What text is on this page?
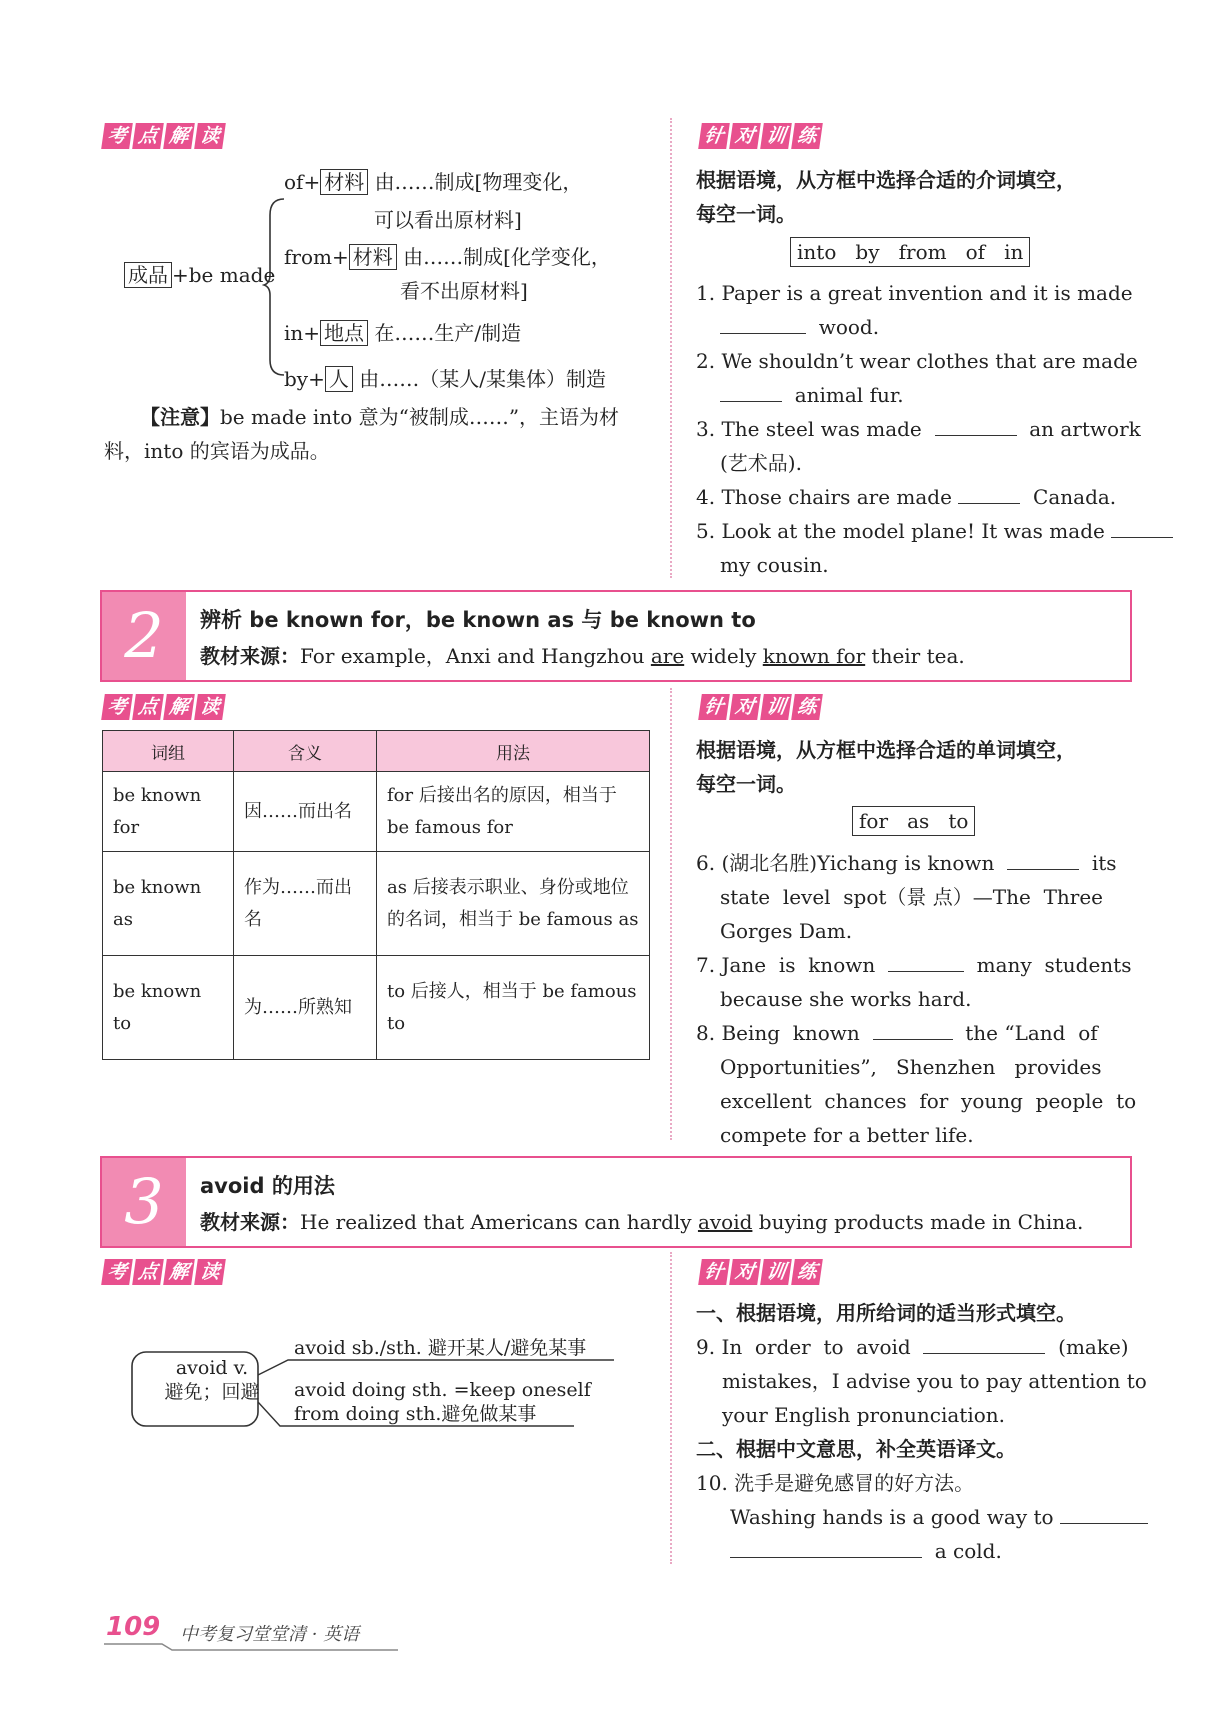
考 点 解 读
of+ 材料 由……制成[物理变化，
可以看出原材料]
from+ 材料 由……制成[化学变化，
看不出原材料]
in+ 地点 在……生产/制造
by+ 人 由……（某人/某集体）制造
成品 +be made
【注意】be made into 意为“被制成……”，主语为材
料，into 的宾语为成品。
针 对 训 练
根据语境，从方框中选择合适的介词填空，
每空一词。
into   by   from   of   in
1. Paper is a great invention and it is made
wood.
2. We shouldn’t wear clothes that are made
animal fur.
3. The steel was made	an artwork
(艺术品).
4. Those chairs are made	Canada.
5. Look at the model plane! It was made
my cousin.
2	辨析 be known for，be known as 与 be known to
教材来源：For example，Anxi and Hangzhou are widely known for their tea.
考 点 解 读
词组	含义	用法
be known for	因……而出名	for 后接出名的原因，相当于 be famous for
be known as	作为……而出名	as 后接表示职业、身份或地位的名词，相当于 be famous as
be known to	为……所熟知	to 后接人，相当于 be famous to
针 对 训 练
根据语境，从方框中选择合适的单词填空，
每空一词。
for   as   to
6. (湖北名胜)Yichang is known	its
state  level  spot（景 点）—The  Three
Gorges Dam.
7. Jane  is  known	many  students
because she works hard.
8. Being  known	the “Land  of
Opportunities”,   Shenzhen   provides
excellent  chances  for  young  people  to
compete for a better life.
3	avoid 的用法
教材来源：He realized that Americans can hardly avoid buying products made in China.
考 点 解 读
avoid v.
避免；回避
avoid sb./sth. 避开某人/避免某事
avoid doing sth. =keep oneself
from doing sth.避免做某事
针 对 训 练
一、根据语境，用所给词的适当形式填空。
9. In  order  to  avoid	(make)
mistakes，I advise you to pay attention to
your English pronunciation.
二、根据中文意思，补全英语译文。
10. 洗手是避免感冒的好方法。
Washing hands is a good way to
a cold.
109 中考复习堂堂清 · 英语
